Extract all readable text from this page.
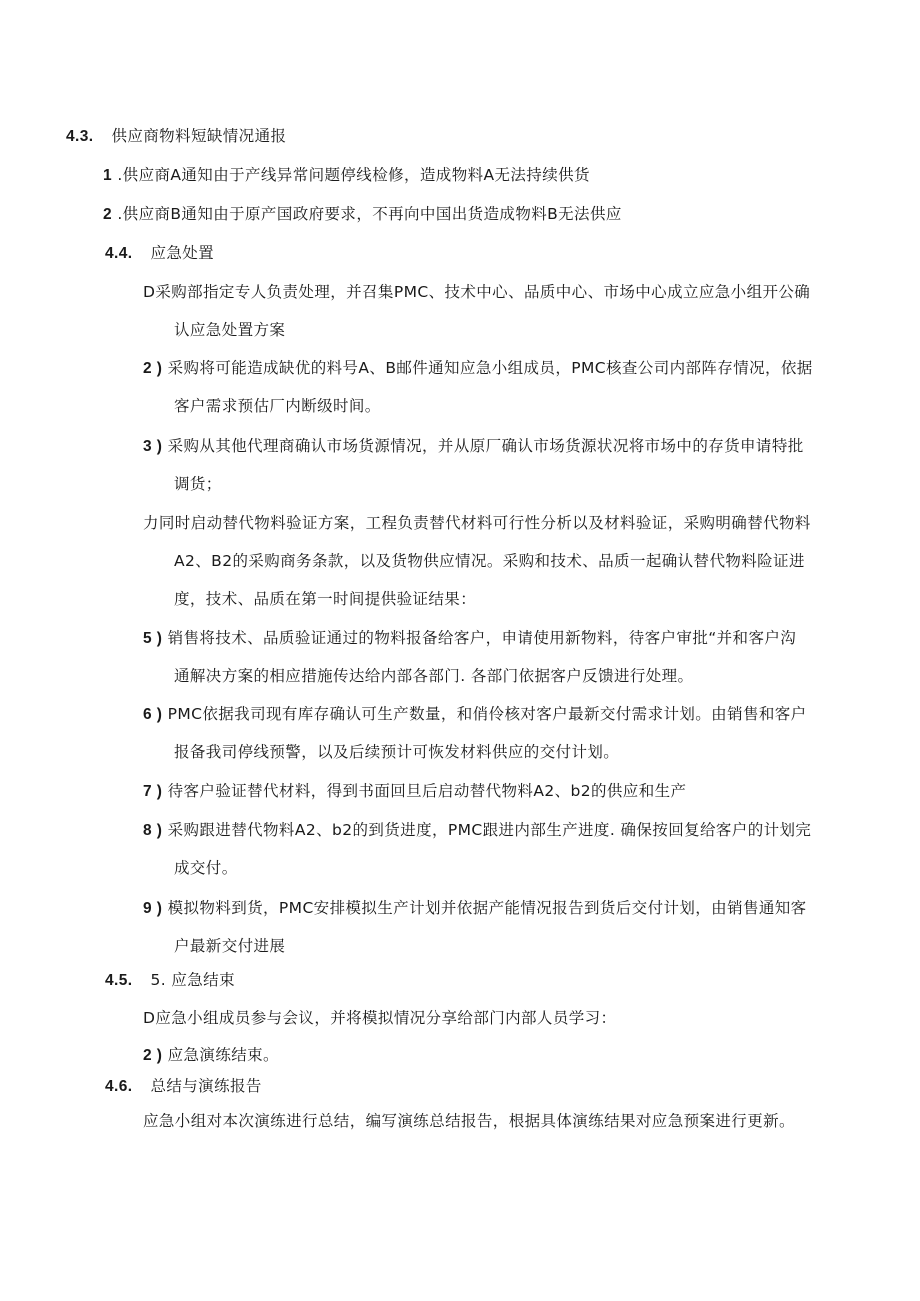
4.3. 供应商物料短缺情况通报
1 .供应商A通知由于产线异常问题停线检修，造成物料A无法持续供货
2 .供应商B通知由于原产国政府要求，不再向中国出货造成物料B无法供应
4.4. 应急处置
D采购部指定专人负责处理，并召集PMC、技术中心、品质中心、市场中心成立应急小组开公确
认应急处置方案
2 ) 采购将可能造成缺优的料号A、B邮件通知应急小组成员，PMC核查公司内部阵存情况，依据
客户需求预估厂内断级时间。
3 ) 采购从其他代理商确认市场货源情况，并从原厂确认市场货源状况将市场中的存货申请特批
调货；
力同时启动替代物料验证方案，工程负责替代材料可行性分析以及材料验证，采购明确替代物料
A2、B2的采购商务条款，以及货物供应情况。采购和技术、品质一起确认替代物料险证进
度，技术、品质在第一时间提供验证结果：
5 ) 销售将技术、品质验证通过的物料报备给客户，申请使用新物料，待客户审批“并和客户沟
通解决方案的相应措施传达给内部各部门. 各部门依据客户反馈进行处理。
6 ) PMC依据我司现有库存确认可生产数量，和俏伶核对客户最新交付需求计划。由销售和客户
报备我司停线预警，以及后续预计可恢发材料供应的交付计划。
7 ) 待客户验证替代材料，得到书面回旦后启动替代物料A2、b2的供应和生产
8 ) 采购跟进替代物料A2、b2的到货进度，PMC跟进内部生产进度. 确保按回复给客户的计划完
成交付。
9 ) 模拟物料到货，PMC安排模拟生产计划并依据产能情况报告到货后交付计划，由销售通知客
户最新交付进展
4.5. 5. 应急结束
D应急小组成员参与会议，并将模拟情况分享给部门内部人员学习：
2 ) 应急演练结束。
4.6. 总结与演练报告
应急小组对本次演练进行总结，编写演练总结报告，根据具体演练结果对应急预案进行更新。
